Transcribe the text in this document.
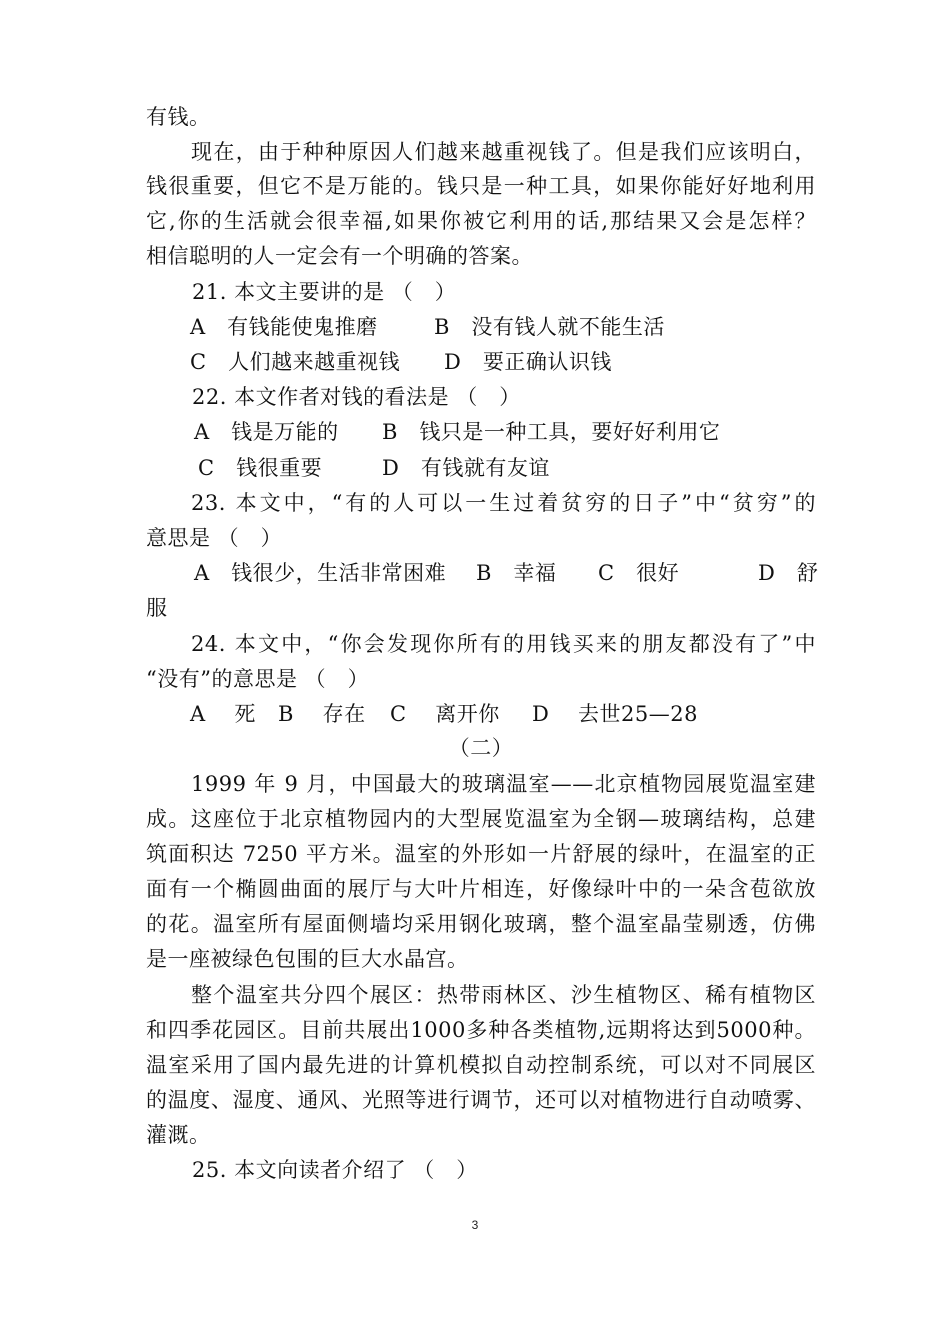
有钱。
现在，由于种种原因人们越来越重视钱了。但是我们应该明白，
钱很重要，但它不是万能的。钱只是一种工具，如果你能好好地利用
它,你的生活就会很幸福,如果你被它利用的话,那结果又会是怎样？
相信聪明的人一定会有一个明确的答案。
21. 本文主要讲的是 （　）
A　有钱能使鬼推磨	B　没有钱人就不能生活
C　人们越来越重视钱 D　要正确认识钱
22. 本文作者对钱的看法是 （　）
A　钱是万能的 B　钱只是一种工具，要好好利用它
C　钱很重要	D　有钱就有友谊
23. 本文中，“有的人可以一生过着贫穷的日子”中“贫穷”的
意思是 （　）
A　钱很少，生活非常困难 B　幸福 C　很好	D　舒
服
24. 本文中，“你会发现你所有的用钱买来的朋友都没有了”中
“没有”的意思是 （　）
A　 死 B　 存在 C　 离开你 D　 去世25—28
（二）
1999 年 9 月，中国最大的玻璃温室——北京植物园展览温室建
成。这座位于北京植物园内的大型展览温室为全钢—玻璃结构，总建
筑面积达 7250 平方米。温室的外形如一片舒展的绿叶，在温室的正
面有一个椭圆曲面的展厅与大叶片相连，好像绿叶中的一朵含苞欲放
的花。温室所有屋面侧墙均采用钢化玻璃，整个温室晶莹剔透，仿佛
是一座被绿色包围的巨大水晶宫。
整个温室共分四个展区：热带雨林区、沙生植物区、稀有植物区
和四季花园区。目前共展出1000多种各类植物,远期将达到5000种。
温室采用了国内最先进的计算机模拟自动控制系统，可以对不同展区
的温度、湿度、通风、光照等进行调节，还可以对植物进行自动喷雾、
灌溉。
25. 本文向读者介绍了 （　）
3
